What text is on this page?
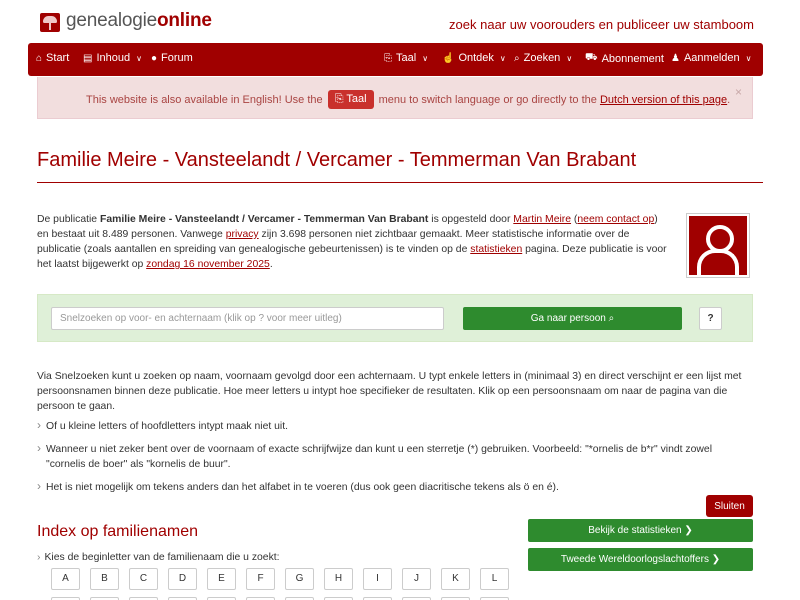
genealogieonline	zoek naar uw voorouders en publiceer uw stamboom
⌂ Start ▤ Inhoud ∨ ● Forum	⎘ Taal ∨ ☝ Ontdek ∨ ⌕ Zoeken ∨ ⛟ Abonnement ♟ Aanmelden ∨
This website is also available in English! Use the ⎘ Taal menu to switch language or go directly to the Dutch version of this page.
×
Familie Meire - Vansteelandt / Vercamer - Temmerman Van Brabant
De publicatie Familie Meire - Vansteelandt / Vercamer - Temmerman Van Brabant is opgesteld door Martin Meire (neem contact op) en bestaat uit 8.489 personen. Vanwege privacy zijn 3.698 personen niet zichtbaar gemaakt. Meer statistische informatie over de publicatie (zoals aantallen en spreiding van genealogische gebeurtenissen) is te vinden op de statistieken pagina. Deze publicatie is voor het laatst bijgewerkt op zondag 16 november 2025.
Snelzoeken op voor- en achternaam (klik op ? voor meer uitleg)
Ga naar persoon ⌕	?
Via Snelzoeken kunt u zoeken op naam, voornaam gevolgd door een achternaam. U typt enkele letters in (minimaal 3) en direct verschijnt er een lijst met persoonsnamen binnen deze publicatie. Hoe meer letters u intypt hoe specifieker de resultaten. Klik op een persoonsnaam om naar de pagina van die persoon te gaan.
› Of u kleine letters of hoofdletters intypt maak niet uit.
› Wanneer u niet zeker bent over de voornaam of exacte schrijfwijze dan kunt u een sterretje (*) gebruiken. Voorbeeld: "*ornelis de b*r" vindt zowel "cornelis de boer" als "kornelis de buur".
› Het is niet mogelijk om tekens anders dan het alfabet in te voeren (dus ook geen diacritische tekens als ö en é).
Sluiten
Index op familienamen	Bekijk de statistieken ❯
Tweede Wereldoorlogslachtoffers ❯
› Kies de beginletter van de familienaam die u zoekt:
A	B	C	D	E	F	G	H	I	J	K	L
